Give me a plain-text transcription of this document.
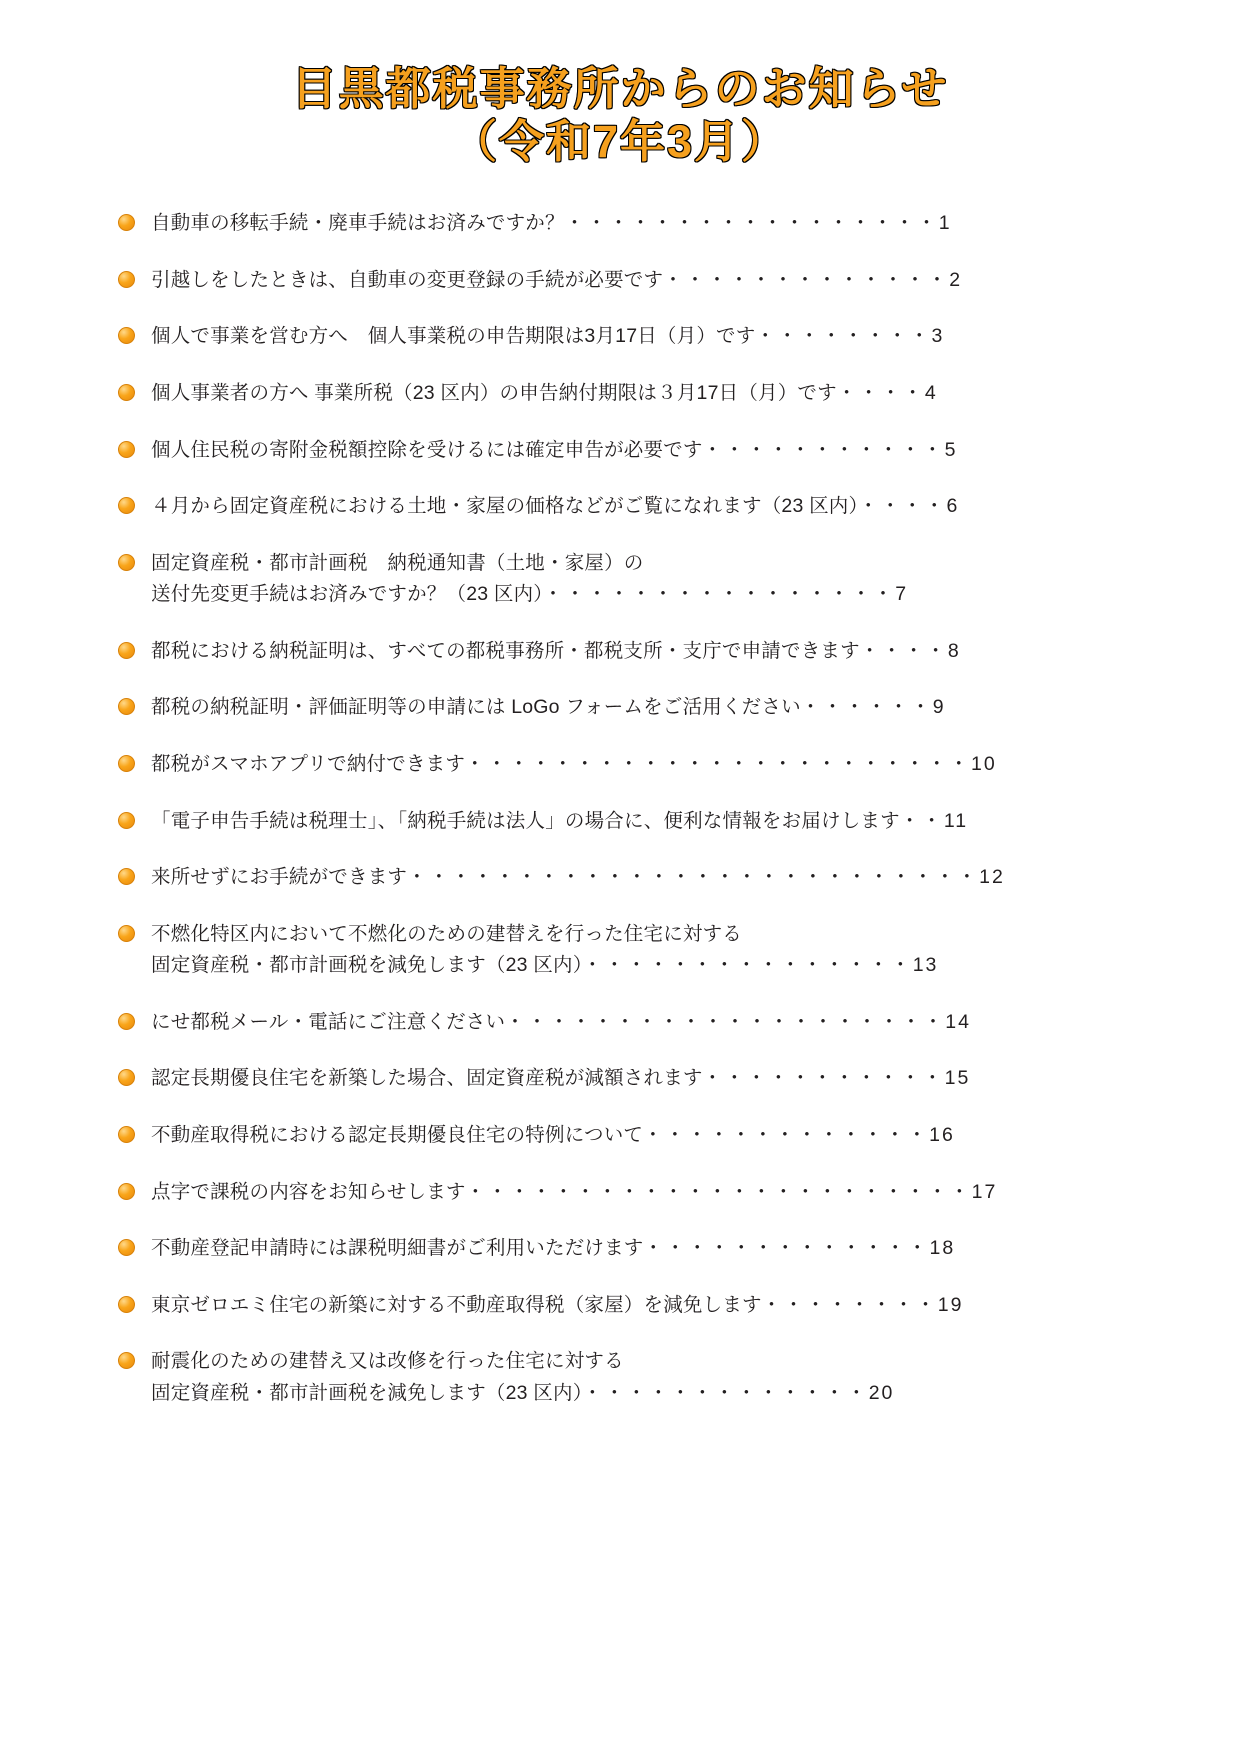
目黒都税事務所からのお知らせ
（令和7年3月）
自動車の移転手続・廃車手続はお済みですか？・・・・・・・・・・・・・・・・・1
引越しをしたときは、自動車の変更登録の手続が必要です・・・・・・・・・・・・・2
個人で事業を営む方へ　個人事業税の申告期限は3月17日（月）です・・・・・・・・3
個人事業者の方へ 事業所税（23 区内）の申告納付期限は３月17日（月）です・・・・4
個人住民税の寄附金税額控除を受けるには確定申告が必要です・・・・・・・・・・・5
４月から固定資産税における土地・家屋の価格などがご覧になれます（23 区内）・・・・6
固定資産税・都市計画税　納税通知書（土地・家屋）の
送付先変更手続はお済みですか？（23 区内）・・・・・・・・・・・・・・・・7
都税における納税証明は、すべての都税事務所・都税支所・支庁で申請できます・・・・8
都税の納税証明・評価証明等の申請には LoGo フォームをご活用ください・・・・・・9
都税がスマホアプリで納付できます・・・・・・・・・・・・・・・・・・・・・・・10
「電子申告手続は税理士」、「納税手続は法人」の場合に、便利な情報をお届けします・・11
来所せずにお手続ができます・・・・・・・・・・・・・・・・・・・・・・・・・・12
不燃化特区内において不燃化のための建替えを行った住宅に対する
固定資産税・都市計画税を減免します（23 区内）・・・・・・・・・・・・・・・13
にせ都税メール・電話にご注意ください・・・・・・・・・・・・・・・・・・・・14
認定長期優良住宅を新築した場合、固定資産税が減額されます・・・・・・・・・・・15
不動産取得税における認定長期優良住宅の特例について・・・・・・・・・・・・・16
点字で課税の内容をお知らせします・・・・・・・・・・・・・・・・・・・・・・・17
不動産登記申請時には課税明細書がご利用いただけます・・・・・・・・・・・・・18
東京ゼロエミ住宅の新築に対する不動産取得税（家屋）を減免します・・・・・・・・19
耐震化のための建替え又は改修を行った住宅に対する
固定資産税・都市計画税を減免します（23 区内）・・・・・・・・・・・・・20
